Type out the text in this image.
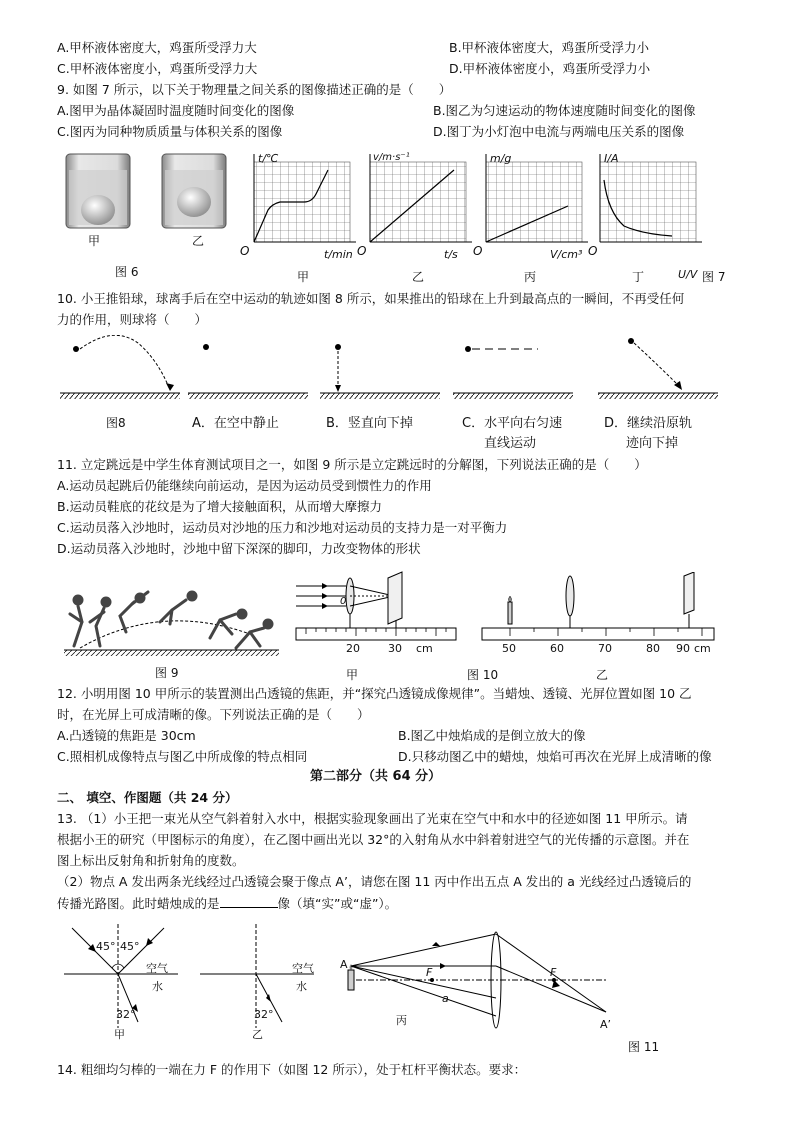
A.甲杯液体密度大，鸡蛋所受浮力大	B.甲杯液体密度大，鸡蛋所受浮力小
C.甲杯液体密度小，鸡蛋所受浮力大	D.甲杯液体密度小，鸡蛋所受浮力小
9. 如图 7 所示，以下关于物理量之间关系的图像描述正确的是（　　）
A.图甲为晶体凝固时温度随时间变化的图像	B.图乙为匀速运动的物体速度随时间变化的图像
C.图丙为同种物质质量与体积关系的图像	D.图丁为小灯泡中电流与两端电压关系的图像
甲	乙
图 6
t/℃
O	t/min
甲
v/m·s⁻¹
O	t/s
乙
m/g
O	V/cm³
丙
I/A
O
U/V
丁	图 7
10. 小王推铅球，球离手后在空中运动的轨迹如图 8 所示，如果推出的铅球在上升到最高点的一瞬间，不再受任何
力的作用，则球将（　　）
图8	A．在空中静止	B．竖直向下掉	C．水平向右匀速
直线运动
D．继续沿原轨
迹向下掉
11. 立定跳远是中学生体育测试项目之一，如图 9 所示是立定跳远时的分解图，下列说法正确的是（　　）
A.运动员起跳后仍能继续向前运动，是因为运动员受到惯性力的作用
B.运动员鞋底的花纹是为了增大接触面积，从而增大摩擦力
C.运动员落入沙地时，运动员对沙地的压力和沙地对运动员的支持力是一对平衡力
D.运动员落入沙地时，沙地中留下深深的脚印，力改变物体的形状
图 9
0
20	30 cm
甲	图 10
50	60	70	80 90 cm
乙
12. 小明用图 10 甲所示的装置测出凸透镜的焦距，并“探究凸透镜成像规律”。当蜡烛、透镜、光屏位置如图 10 乙
时，在光屏上可成清晰的像。下列说法正确的是（　　）
A.凸透镜的焦距是 30cm	B.图乙中烛焰成的是倒立放大的像
C.照相机成像特点与图乙中所成像的特点相同	D.只移动图乙中的蜡烛，烛焰可再次在光屏上成清晰的像
第二部分（共 64 分）
二、 填空、作图题（共 24 分）
13. （1）小王把一束光从空气斜着射入水中，根据实验现象画出了光束在空气中和水中的径迹如图 11 甲所示。请
根据小王的研究（甲图标示的角度），在乙图中画出光以 32°的入射角从水中斜着射进空气的光传播的示意图。并在
图上标出反射角和折射角的度数。
（2）物点 A 发出两条光线经过凸透镜会聚于像点 A’，请您在图 11 丙中作出五点 A 发出的 a 光线经过凸透镜后的
传播光路图。此时蜡烛成的是	像（填“实”或“虚”）。
45° 45°
空气
水
32°
甲
空气
水
32°
乙
A
F	F
a
A’
丙
图 11
14. 粗细均匀棒的一端在力 F 的作用下（如图 12 所示），处于杠杆平衡状态。要求：
